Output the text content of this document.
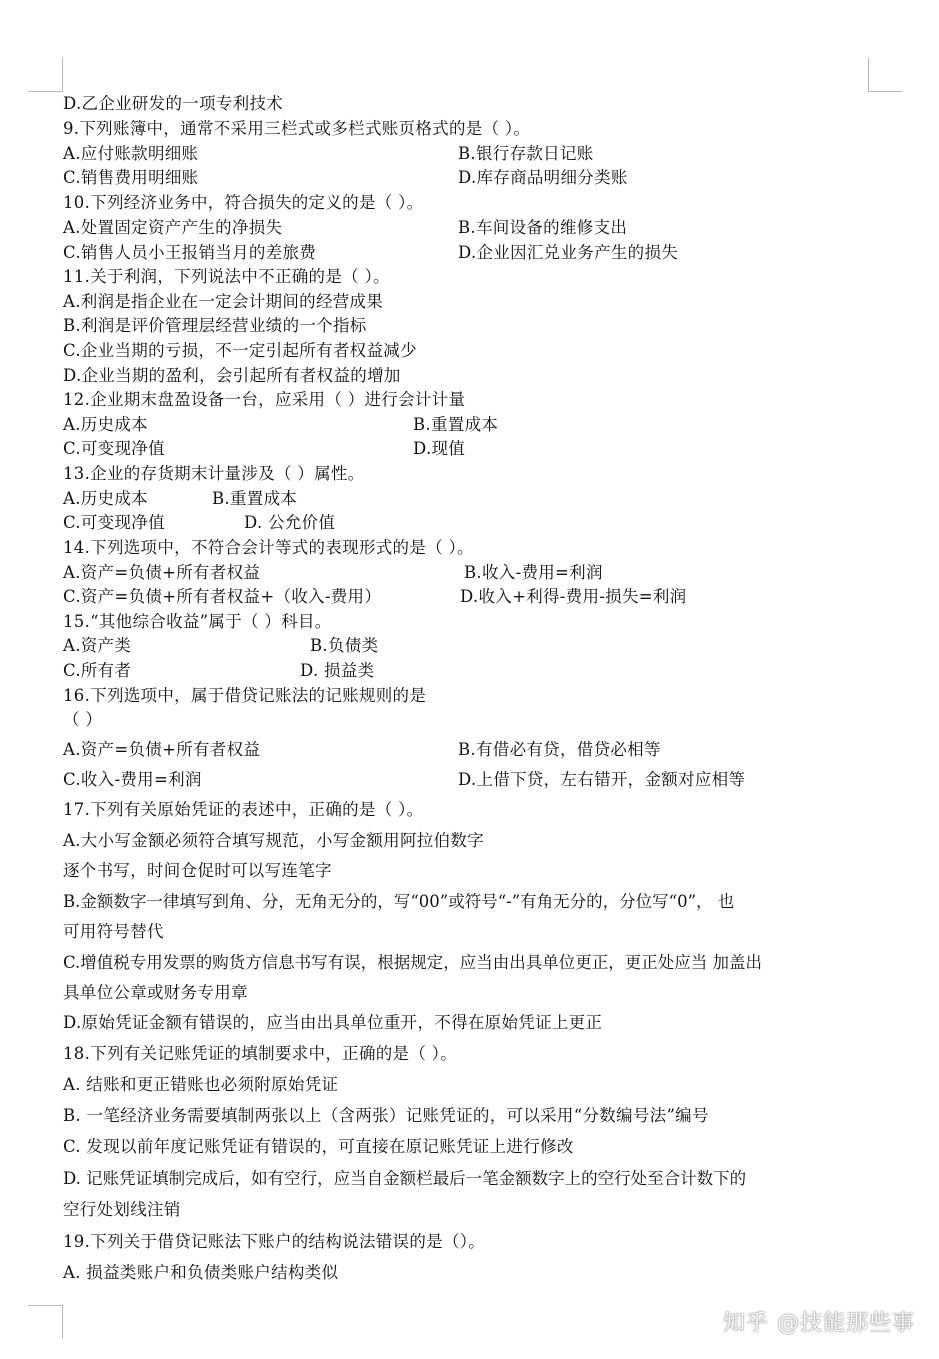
D.乙企业研发的一项专利技术
9.下列账簿中，通常不采用三栏式或多栏式账页格式的是（ ）。
A.应付账款明细账	B.银行存款日记账
C.销售费用明细账	D.库存商品明细分类账
10.下列经济业务中，符合损失的定义的是（ ）。
A.处置固定资产产生的净损失	B.车间设备的维修支出
C.销售人员小王报销当月的差旅费	D.企业因汇兑业务产生的损失
11.关于利润，下列说法中不正确的是（ ）。
A.利润是指企业在一定会计期间的经营成果
B.利润是评价管理层经营业绩的一个指标
C.企业当期的亏损，不一定引起所有者权益减少
D.企业当期的盈利，会引起所有者权益的增加
12.企业期末盘盈设备一台，应采用（ ）进行会计计量
A.历史成本	B.重置成本
C.可变现净值	D.现值
13.企业的存货期末计量涉及（ ）属性。
A.历史成本	B.重置成本
C.可变现净值	D. 公允价值
14.下列选项中，不符合会计等式的表现形式的是（ ）。
A.资产=负债+所有者权益	B.收入-费用=利润
C.资产=负债+所有者权益+（收入-费用）	D.收入+利得-费用-损失=利润
15.“其他综合收益”属于（ ）科目。
A.资产类	B.负债类
C.所有者	D. 损益类
16.下列选项中，属于借贷记账法的记账规则的是
（ ）
A.资产=负债+所有者权益	B.有借必有贷，借贷必相等
C.收入-费用=利润	D.上借下贷，左右错开，金额对应相等
17.下列有关原始凭证的表述中，正确的是（ ）。
A.大小写金额必须符合填写规范，小写金额用阿拉伯数字
逐个书写，时间仓促时可以写连笔字
B.金额数字一律填写到角、分，无角无分的，写“00”或符号“-”有角无分的，分位写“0”， 也
可用符号替代
C.增值税专用发票的购货方信息书写有误，根据规定，应当由出具单位更正，更正处应当 加盖出
具单位公章或财务专用章
D.原始凭证金额有错误的，应当由出具单位重开，不得在原始凭证上更正
18.下列有关记账凭证的填制要求中，正确的是（ ）。
A. 结账和更正错账也必须附原始凭证
B. 一笔经济业务需要填制两张以上（含两张）记账凭证的，可以采用“分数编号法”编号
C. 发现以前年度记账凭证有错误的，可直接在原记账凭证上进行修改
D. 记账凭证填制完成后，如有空行，应当自金额栏最后一笔金额数字上的空行处至合计数下的
空行处划线注销
19.下列关于借贷记账法下账户的结构说法错误的是（）。
A. 损益类账户和负债类账户结构类似
知乎 @技能那些事
